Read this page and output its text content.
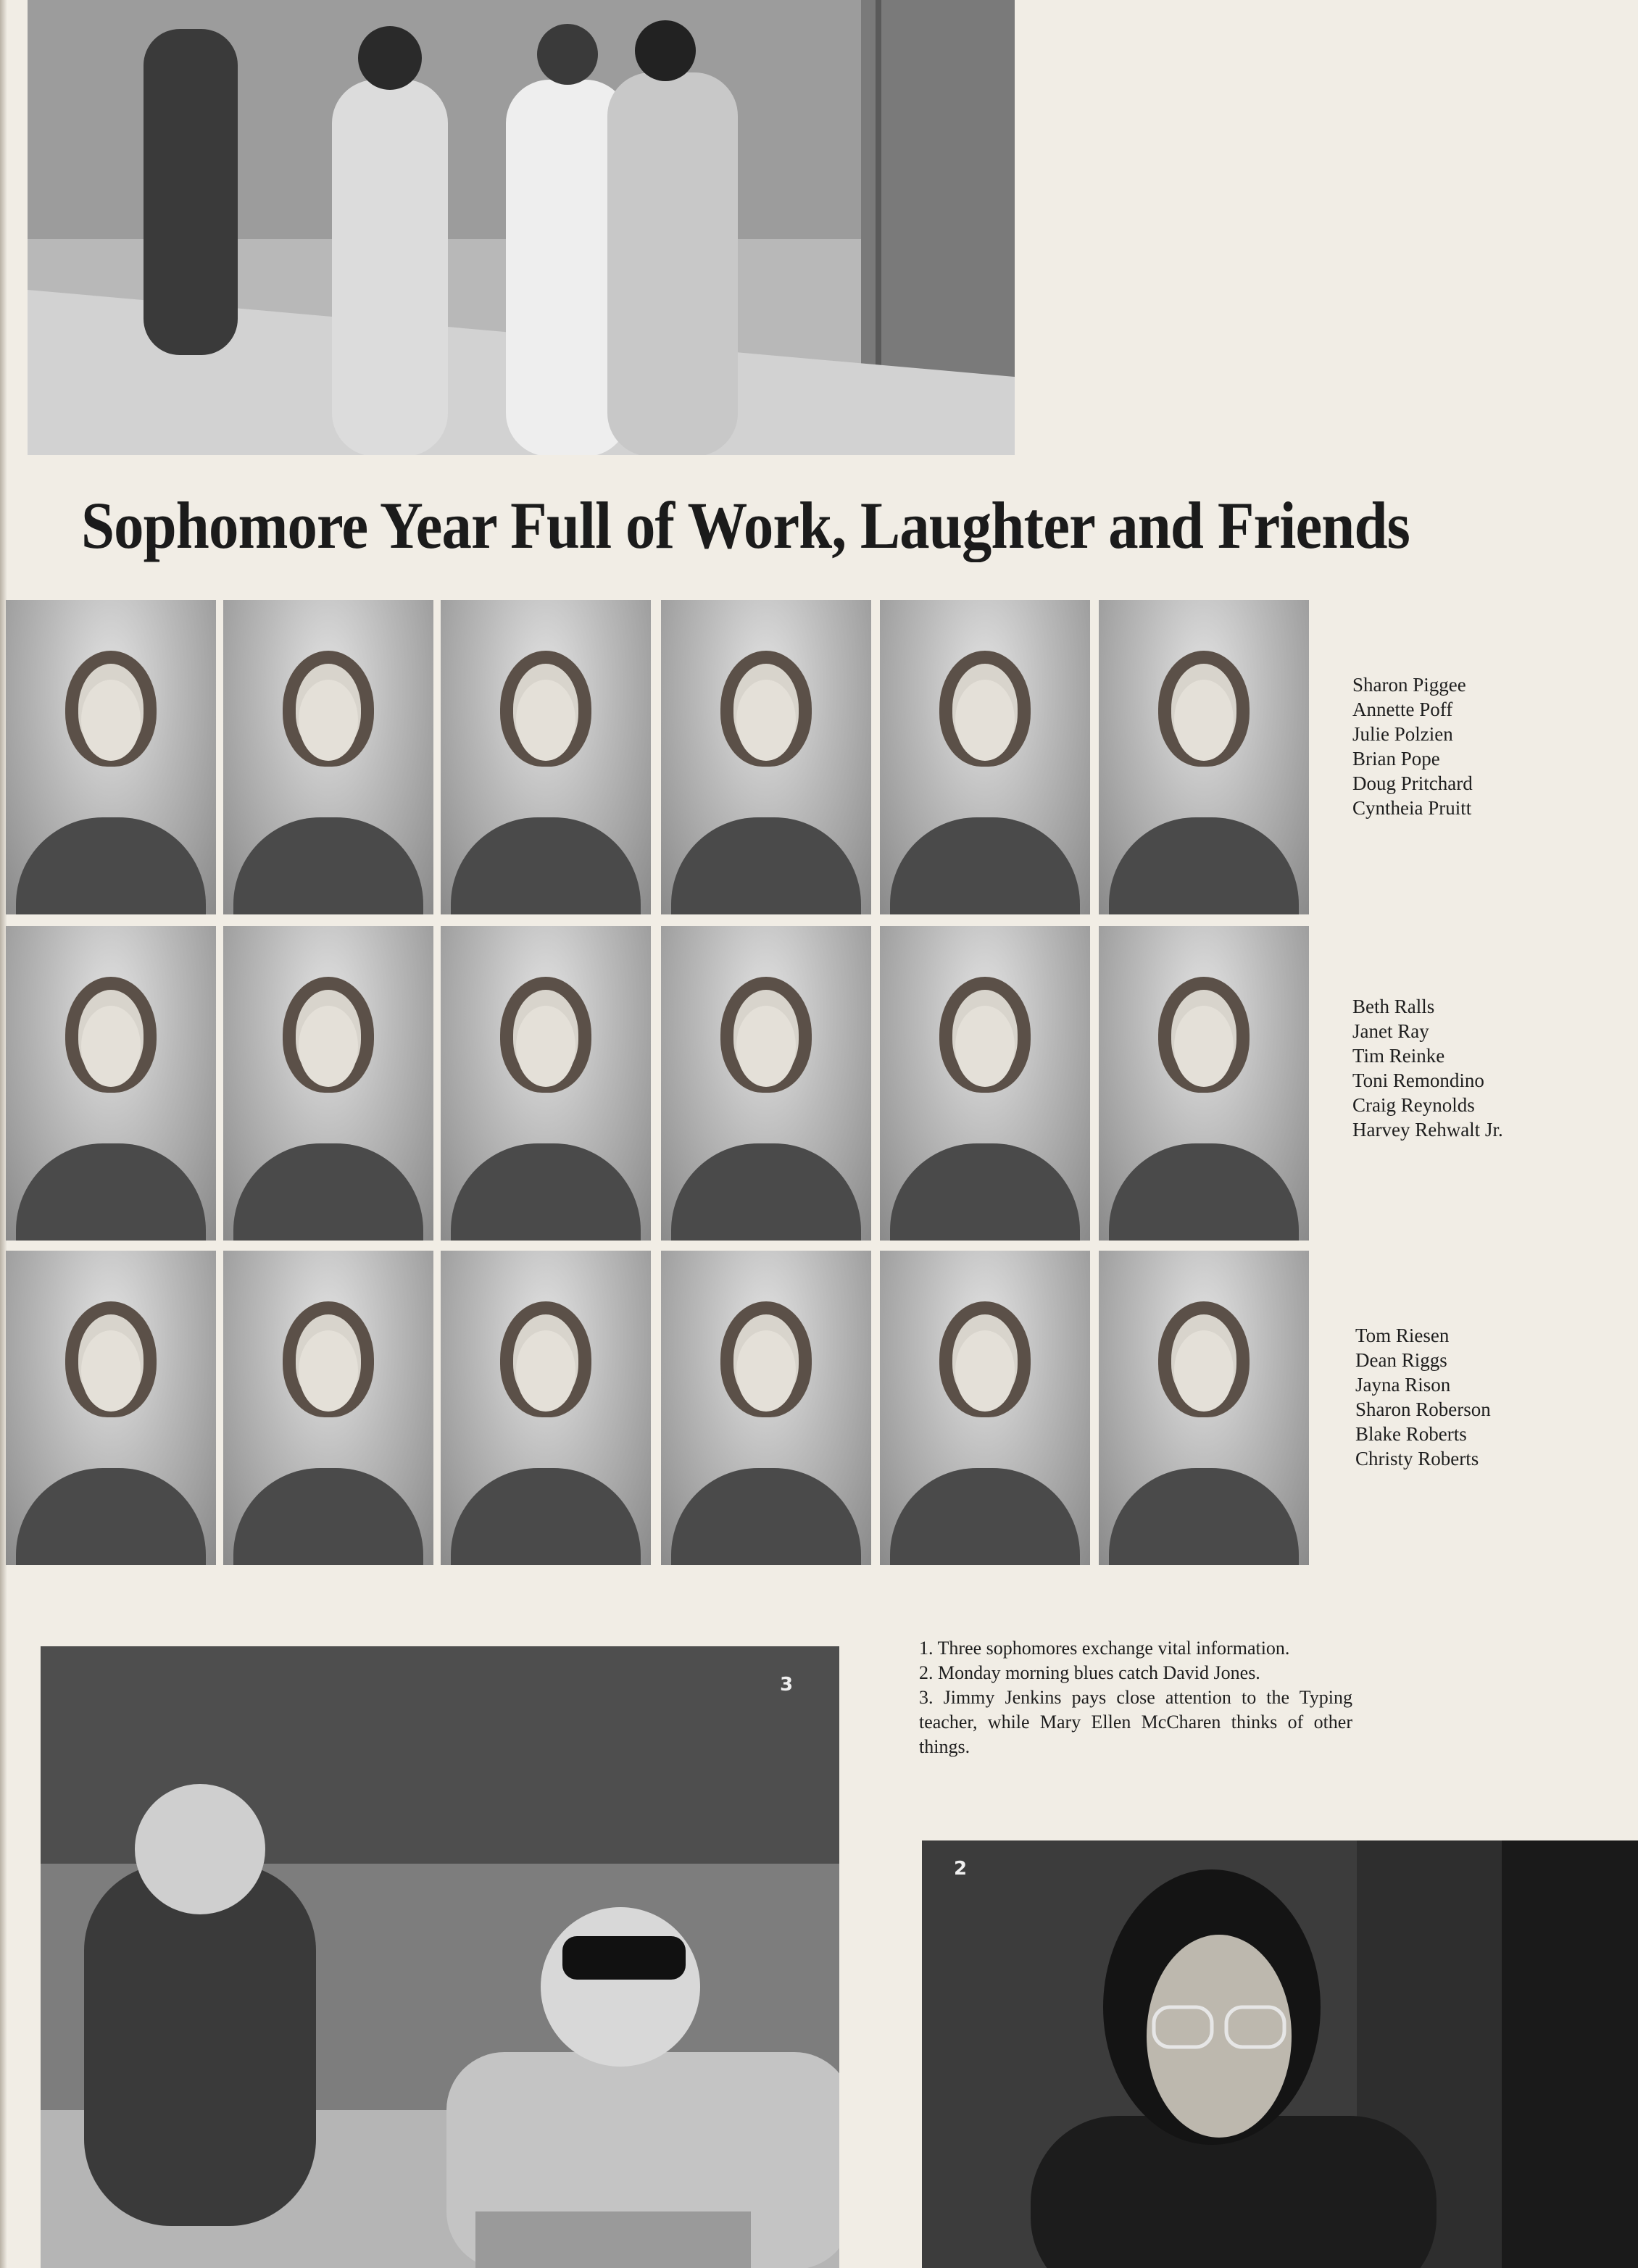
Sophomore Year Full of Work, Laughter and Friends
Sharon Piggee
Annette Poff
Julie Polzien
Brian Pope
Doug Pritchard
Cyntheia Pruitt
Beth Ralls
Janet Ray
Tim Reinke
Toni Remondino
Craig Reynolds
Harvey Rehwalt Jr.
Tom Riesen
Dean Riggs
Jayna Rison
Sharon Roberson
Blake Roberts
Christy Roberts
3

1. Three sophomores exchange vital information.

2. Monday morning blues catch David Jones.

3. Jimmy Jenkins pays close attention to the Typing teacher, while Mary Ellen McCharen thinks of other things.

2
